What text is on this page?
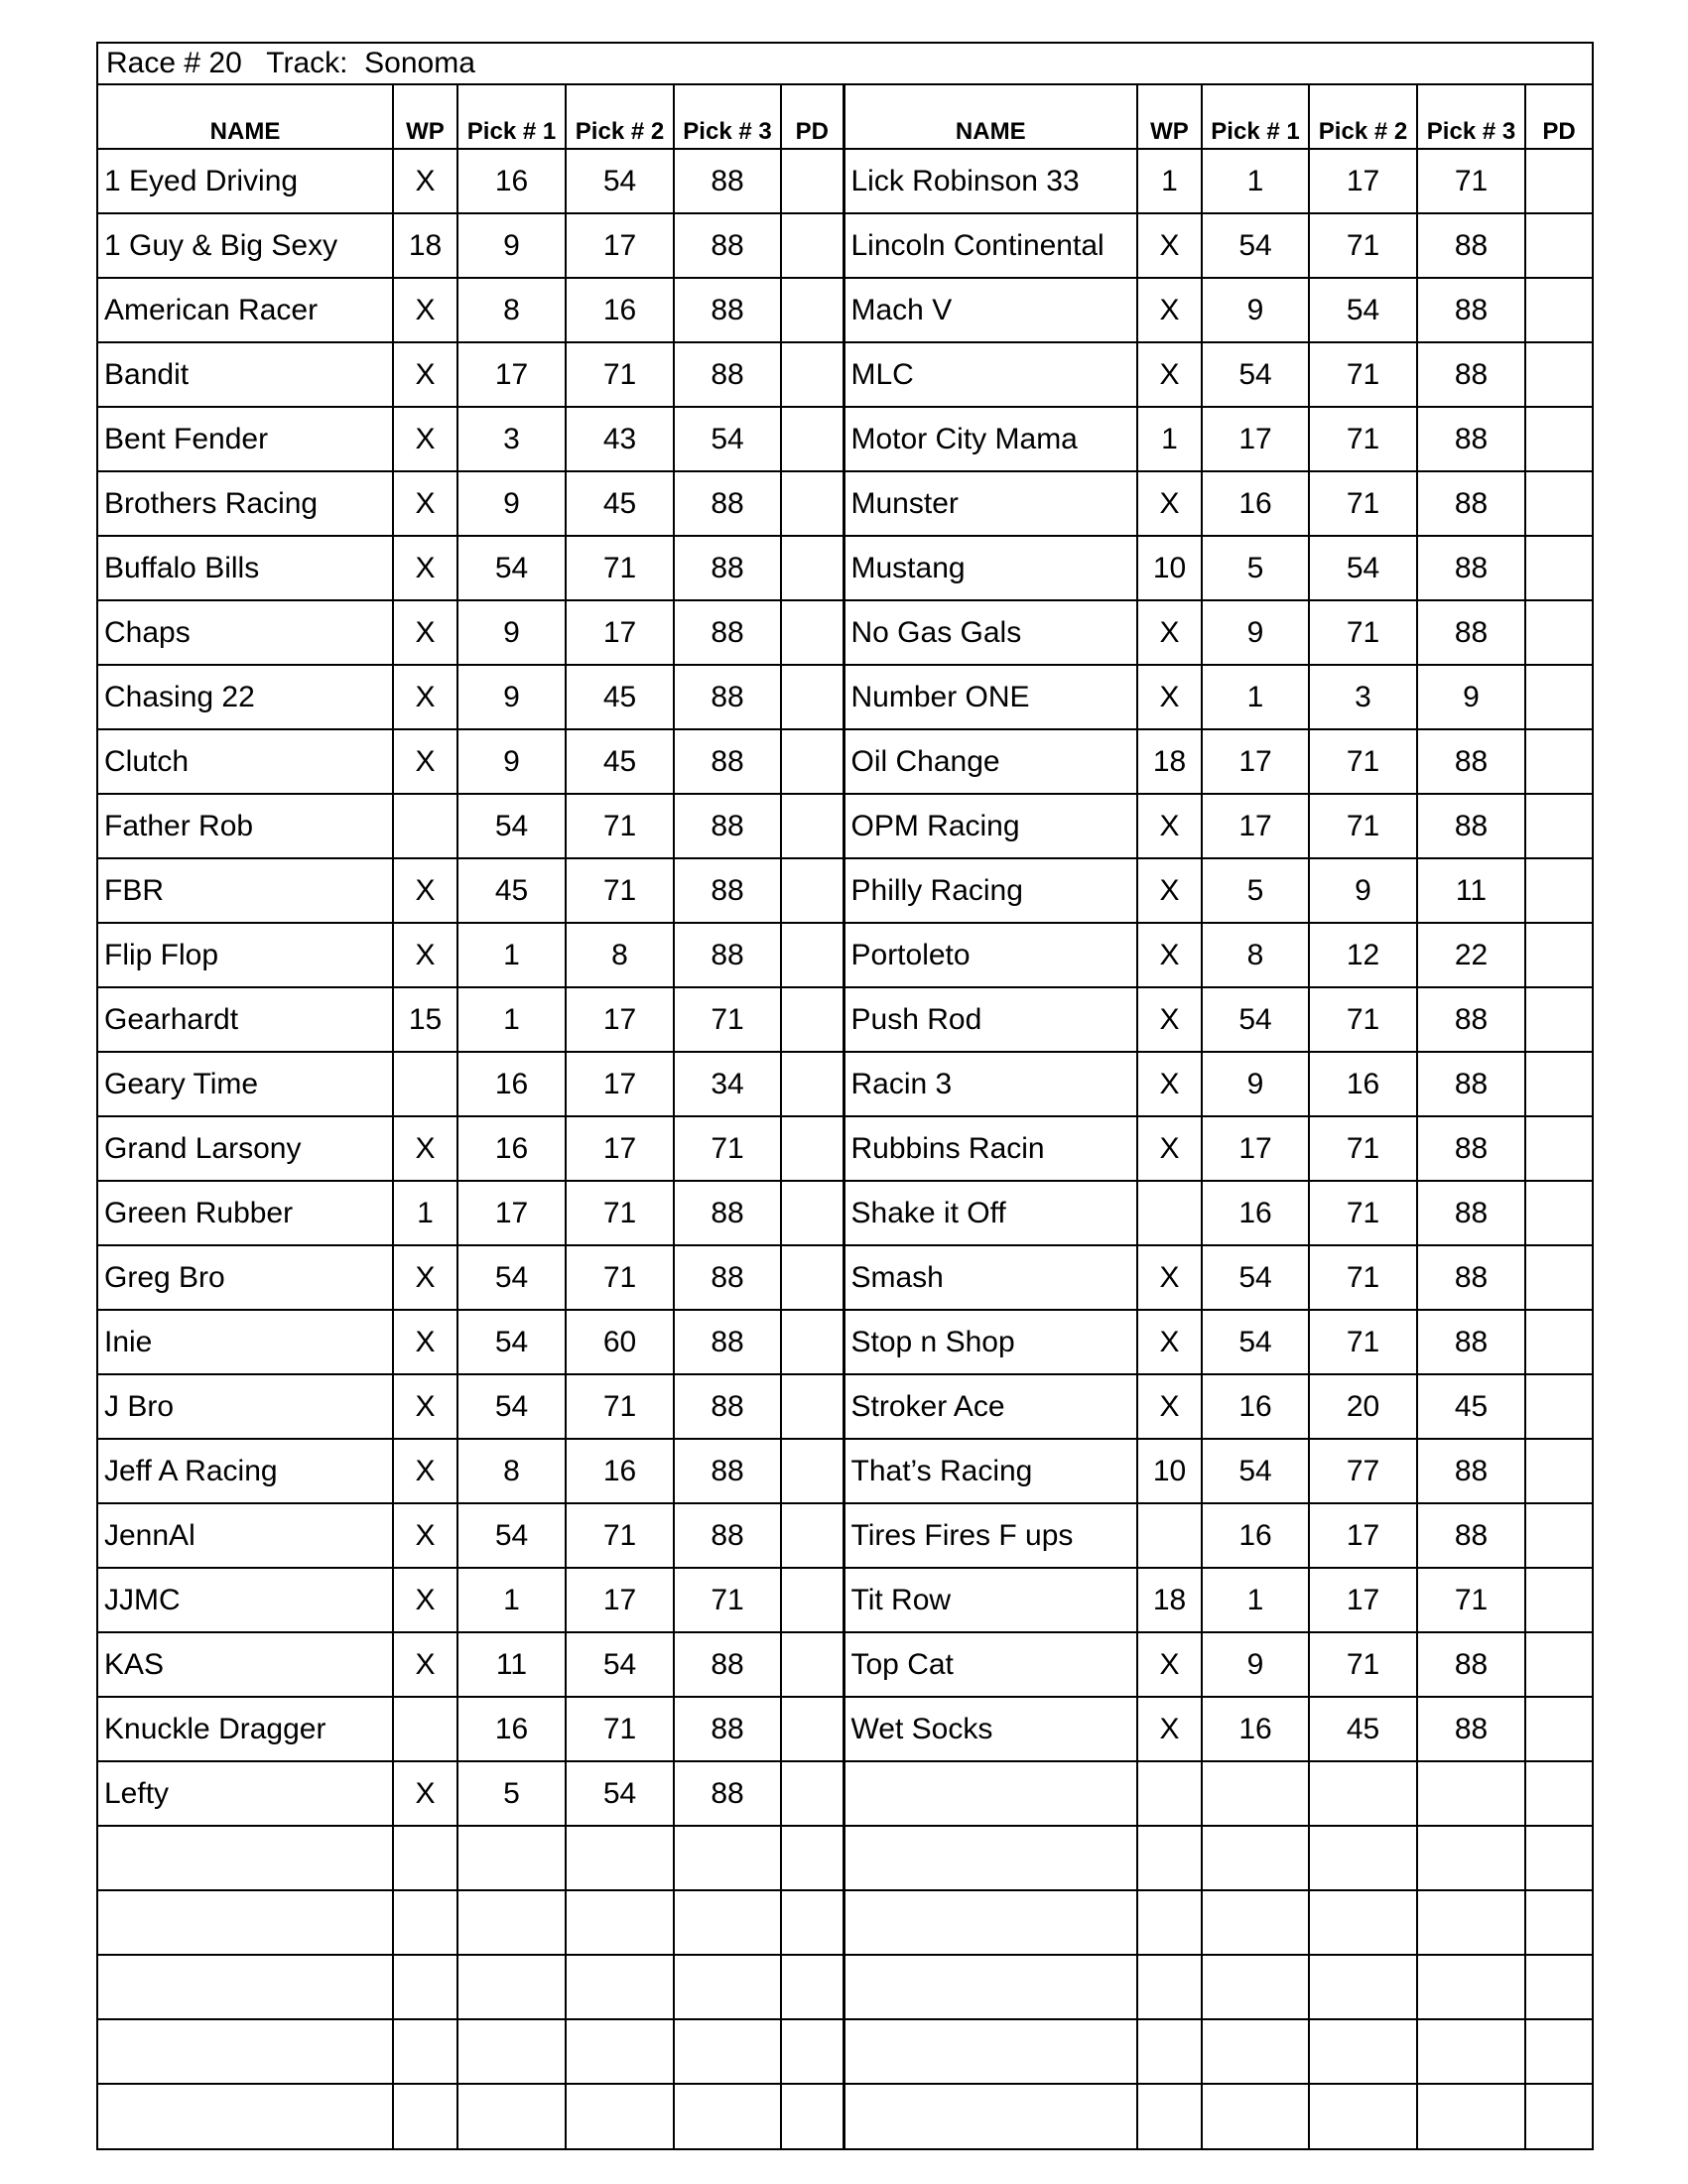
Race # 20 Track: Sonoma
NAME	WP	Pick # 1	Pick # 2	Pick # 3	PD	NAME	WP	Pick # 1	Pick # 2	Pick # 3	PD
1 Eyed Driving	X	16	54	88		Lick Robinson 33	1	1	17	71	
1 Guy & Big Sexy	18	9	17	88		Lincoln Continental	X	54	71	88	
American Racer	X	8	16	88		Mach V	X	9	54	88	
Bandit	X	17	71	88		MLC	X	54	71	88	
Bent Fender	X	3	43	54		Motor City Mama	1	17	71	88	
Brothers Racing	X	9	45	88		Munster	X	16	71	88	
Buffalo Bills	X	54	71	88		Mustang	10	5	54	88	
Chaps	X	9	17	88		No Gas Gals	X	9	71	88	
Chasing 22	X	9	45	88		Number ONE	X	1	3	9	
Clutch	X	9	45	88		Oil Change	18	17	71	88	
Father Rob		54	71	88		OPM Racing	X	17	71	88	
FBR	X	45	71	88		Philly Racing	X	5	9	11	
Flip Flop	X	1	8	88		Portoleto	X	8	12	22	
Gearhardt	15	1	17	71		Push Rod	X	54	71	88	
Geary Time		16	17	34		Racin 3	X	9	16	88	
Grand Larsony	X	16	17	71		Rubbins Racin	X	17	71	88	
Green Rubber	1	17	71	88		Shake it Off		16	71	88	
Greg Bro	X	54	71	88		Smash	X	54	71	88	
Inie	X	54	60	88		Stop n Shop	X	54	71	88	
J Bro	X	54	71	88		Stroker Ace	X	16	20	45	
Jeff A Racing	X	8	16	88		That’s Racing	10	54	77	88	
JennAl	X	54	71	88		Tires Fires F ups		16	17	88	
JJMC	X	1	17	71		Tit Row	18	1	17	71	
KAS	X	11	54	88		Top Cat	X	9	71	88	
Knuckle Dragger		16	71	88		Wet Socks	X	16	45	88	
Lefty	X	5	54	88							
